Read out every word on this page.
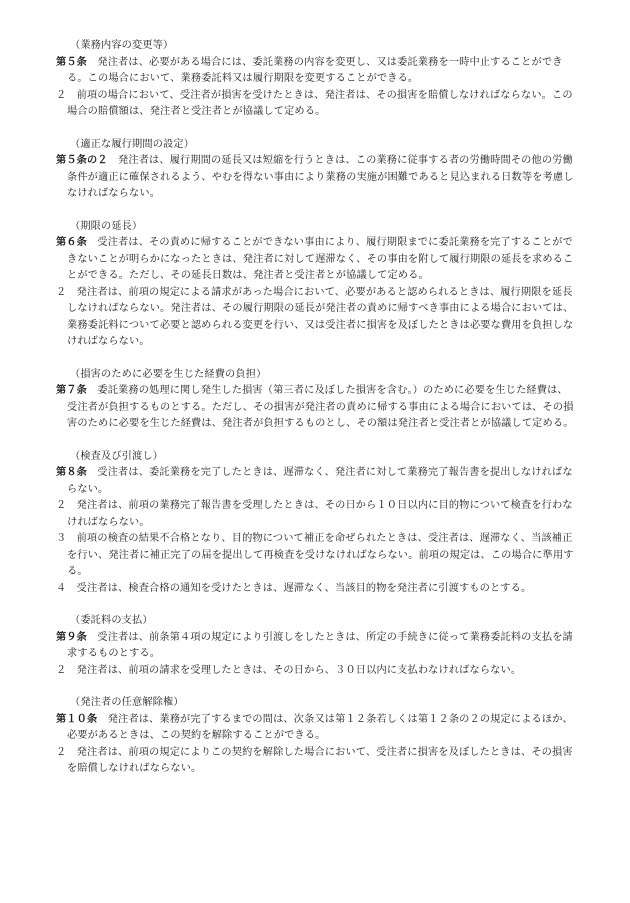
（業務内容の変更等）

第５条　発注者は、必要がある場合には、委託業務の内容を変更し、又は委託業務を一時中止することができる。この場合において、業務委託料又は履行期限を変更することができる。

２　前項の場合において、受注者が損害を受けたときは、発注者は、その損害を賠償しなければならない。この場合の賠償額は、発注者と受注者とが協議して定める。

（適正な履行期間の設定）

第５条の２　発注者は、履行期間の延長又は短縮を行うときは、この業務に従事する者の労働時間その他の労働条件が適正に確保されるよう、やむを得ない事由により業務の実施が困難であると見込まれる日数等を考慮しなければならない。

（期限の延長）

第６条　受注者は、その責めに帰することができない事由により、履行期限までに委託業務を完了することができないことが明らかになったときは、発注者に対して遅滞なく、その事由を附して履行期限の延長を求めることができる。ただし、その延長日数は、発注者と受注者とが協議して定める。

２　発注者は、前項の規定による請求があった場合において、必要があると認められるときは、履行期限を延長しなければならない。発注者は、その履行期限の延長が発注者の責めに帰すべき事由による場合においては、業務委託料について必要と認められる変更を行い、又は受注者に損害を及ぼしたときは必要な費用を負担しなければならない。

（損害のために必要を生じた経費の負担）

第７条　委託業務の処理に関し発生した損害（第三者に及ぼした損害を含む。）のために必要を生じた経費は、受注者が負担するものとする。ただし、その損害が発注者の責めに帰する事由による場合においては、その損害のために必要を生じた経費は、発注者が負担するものとし、その額は発注者と受注者とが協議して定める。

（検査及び引渡し）

第８条　受注者は、委託業務を完了したときは、遅滞なく、発注者に対して業務完了報告書を提出しなければならない。

２　発注者は、前項の業務完了報告書を受理したときは、その日から１０日以内に目的物について検査を行わなければならない。

３　前項の検査の結果不合格となり、目的物について補正を命ぜられたときは、受注者は、遅滞なく、当該補正を行い、発注者に補正完了の届を提出して再検査を受けなければならない。前項の規定は、この場合に準用する。

４　受注者は、検査合格の通知を受けたときは、遅滞なく、当該目的物を発注者に引渡すものとする。

（委託料の支払）

第９条　受注者は、前条第４項の規定により引渡しをしたときは、所定の手続きに従って業務委託料の支払を請求するものとする。

２　発注者は、前項の請求を受理したときは、その日から、３０日以内に支払わなければならない。

（発注者の任意解除権）

第１０条　発注者は、業務が完了するまでの間は、次条又は第１２条若しくは第１２条の２の規定によるほか、必要があるときは、この契約を解除することができる。

２　発注者は、前項の規定によりこの契約を解除した場合において、受注者に損害を及ぼしたときは、その損害を賠償しなければならない。
